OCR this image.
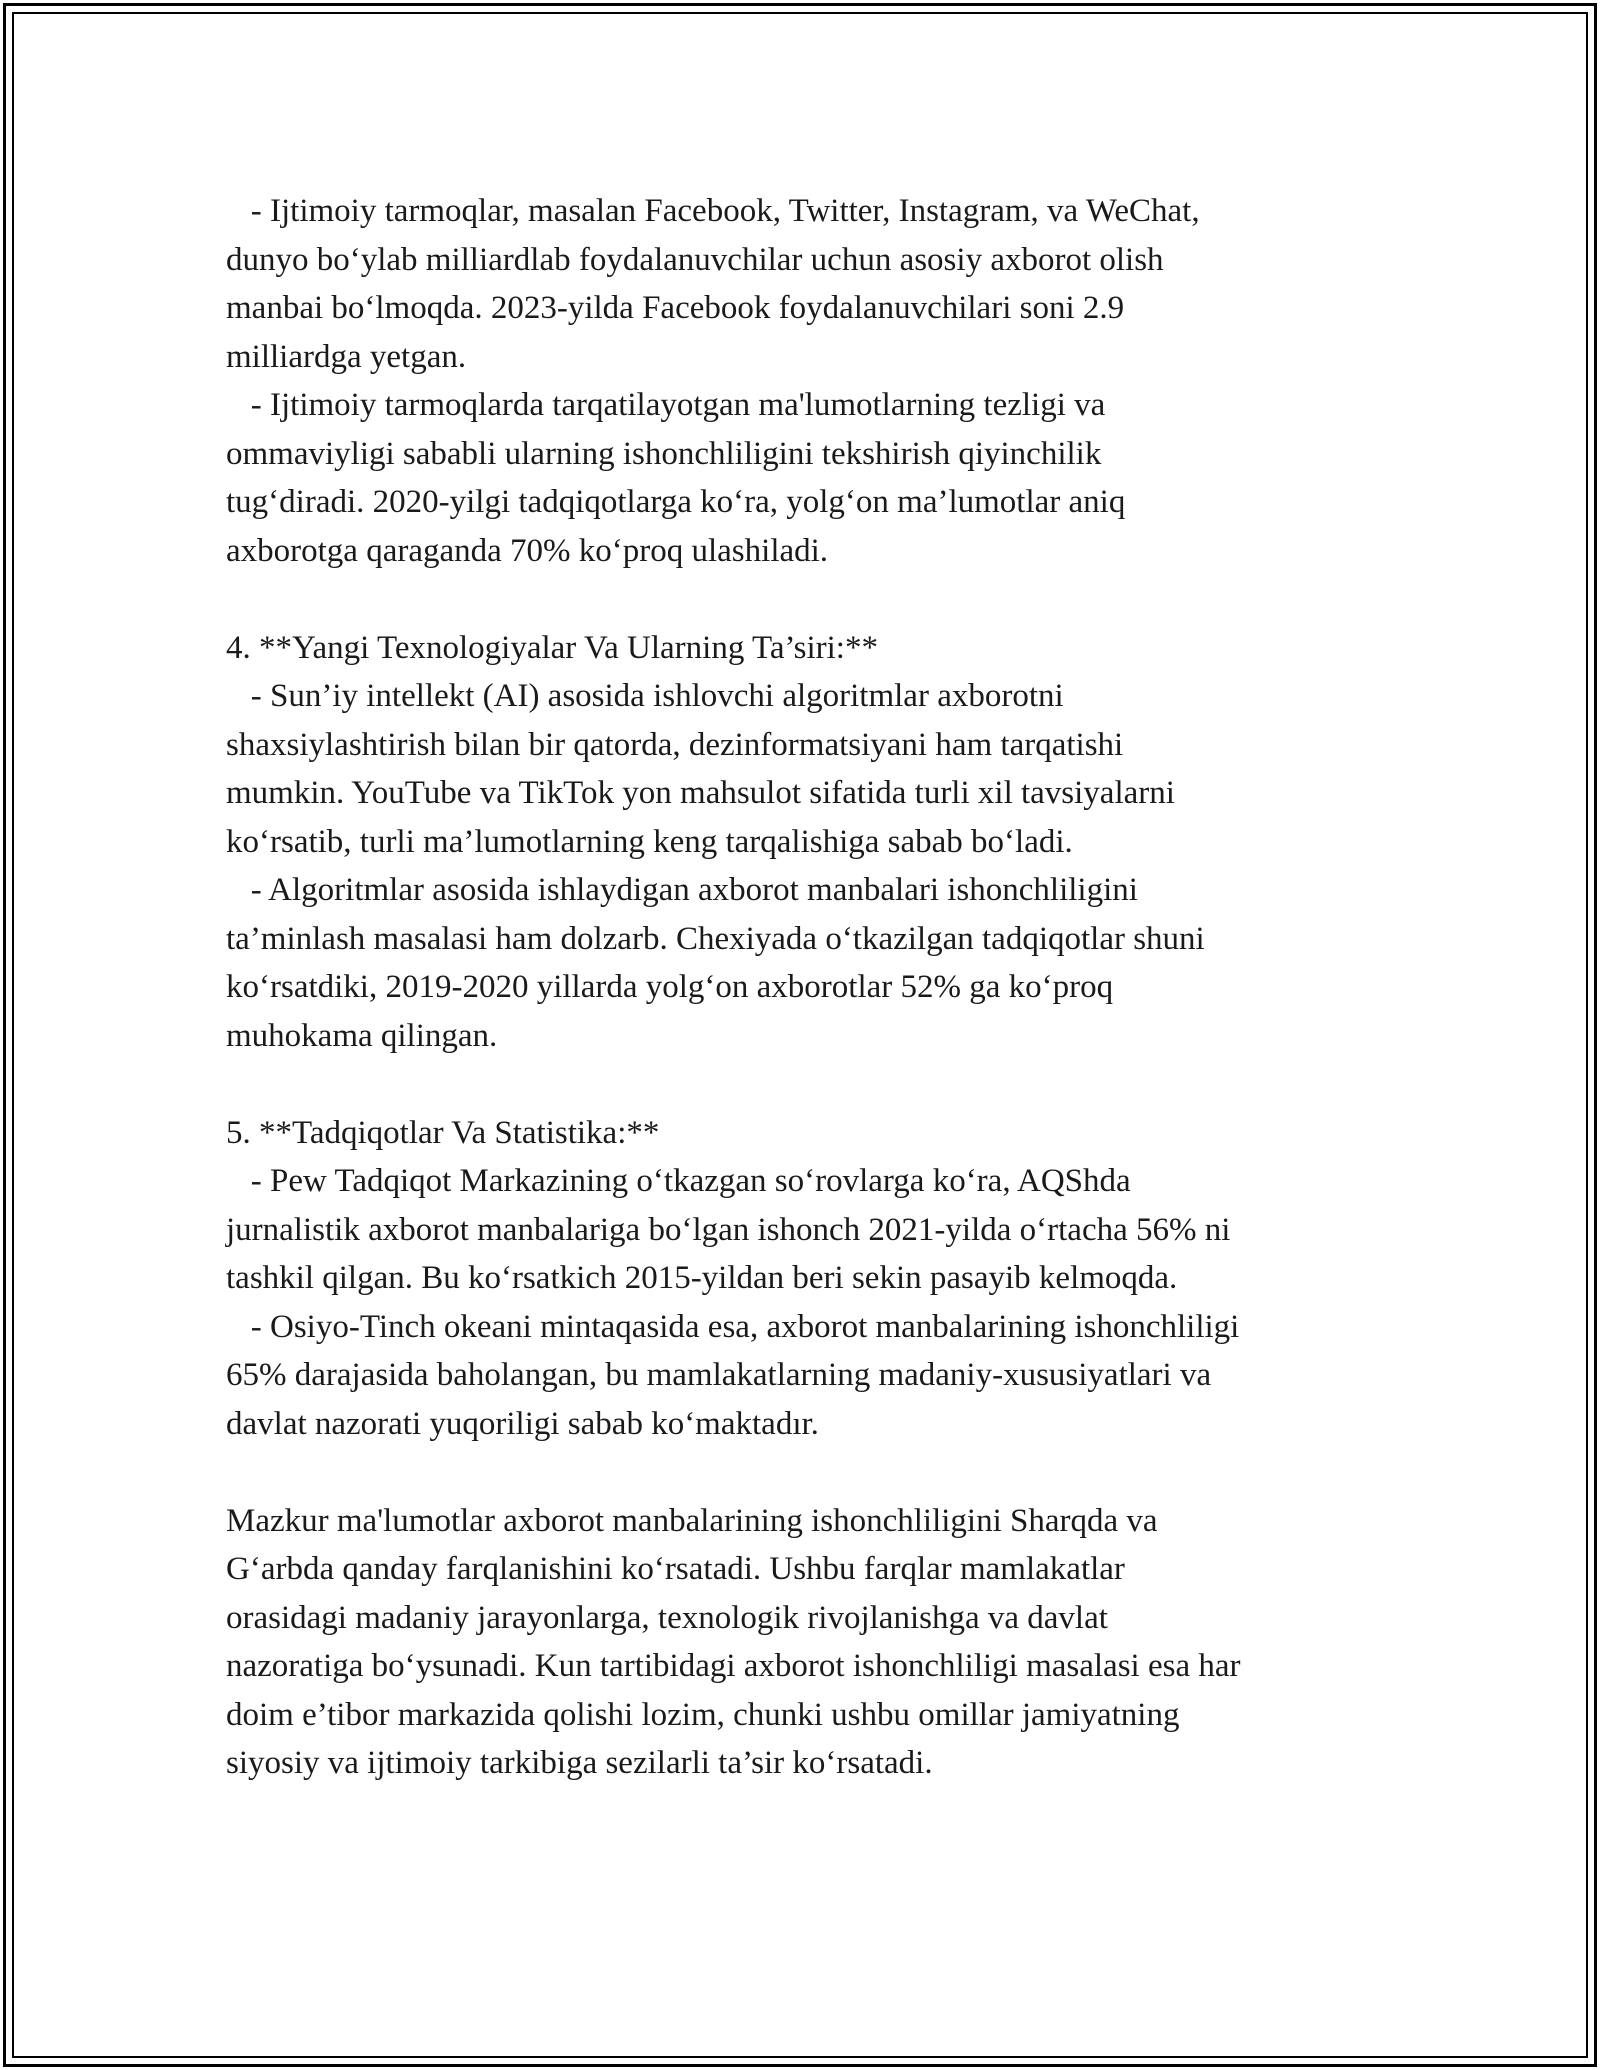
- Ijtimoiy tarmoqlar, masalan Facebook, Twitter, Instagram, va WeChat,
dunyo bo‘ylab milliardlab foydalanuvchilar uchun asosiy axborot olish
manbai bo‘lmoqda. 2023-yilda Facebook foydalanuvchilari soni 2.9
milliardga yetgan.
- Ijtimoiy tarmoqlarda tarqatilayotgan ma'lumotlarning tezligi va
ommaviyligi sababli ularning ishonchliligini tekshirish qiyinchilik
tug‘diradi. 2020-yilgi tadqiqotlarga ko‘ra, yolg‘on ma’lumotlar aniq
axborotga qaraganda 70% ko‘proq ulashiladi.
4. **Yangi Texnologiyalar Va Ularning Ta’siri:**
- Sun’iy intellekt (AI) asosida ishlovchi algoritmlar axborotni
shaxsiylashtirish bilan bir qatorda, dezinformatsiyani ham tarqatishi
mumkin. YouTube va TikTok yon mahsulot sifatida turli xil tavsiyalarni
ko‘rsatib, turli ma’lumotlarning keng tarqalishiga sabab bo‘ladi.
- Algoritmlar asosida ishlaydigan axborot manbalari ishonchliligini
ta’minlash masalasi ham dolzarb. Chexiyada o‘tkazilgan tadqiqotlar shuni
ko‘rsatdiki, 2019-2020 yillarda yolg‘on axborotlar 52% ga ko‘proq
muhokama qilingan.
5. **Tadqiqotlar Va Statistika:**
- Pew Tadqiqot Markazining o‘tkazgan so‘rovlarga ko‘ra, AQShda
jurnalistik axborot manbalariga bo‘lgan ishonch 2021-yilda o‘rtacha 56% ni
tashkil qilgan. Bu ko‘rsatkich 2015-yildan beri sekin pasayib kelmoqda.
- Osiyo-Tinch okeani mintaqasida esa, axborot manbalarining ishonchliligi
65% darajasida baholangan, bu mamlakatlarning madaniy-xususiyatlari va
davlat nazorati yuqoriligi sabab ko‘maktadır.
Mazkur ma'lumotlar axborot manbalarining ishonchliligini Sharqda va
G‘arbda qanday farqlanishini ko‘rsatadi. Ushbu farqlar mamlakatlar
orasidagi madaniy jarayonlarga, texnologik rivojlanishga va davlat
nazoratiga bo‘ysunadi. Kun tartibidagi axborot ishonchliligi masalasi esa har
doim e’tibor markazida qolishi lozim, chunki ushbu omillar jamiyatning
siyosiy va ijtimoiy tarkibiga sezilarli ta’sir ko‘rsatadi.
